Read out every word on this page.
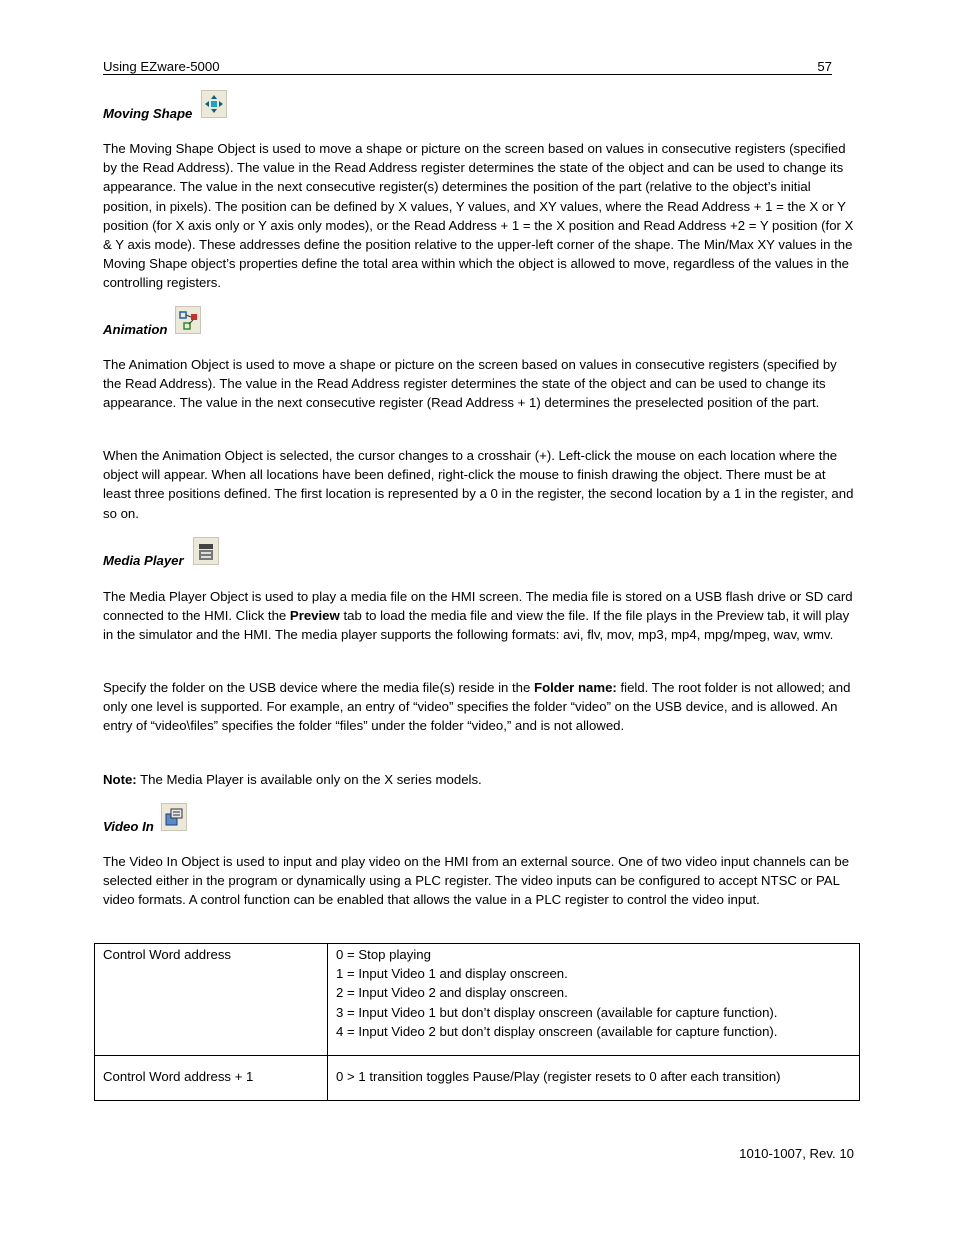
Using EZware-5000	57
Moving Shape

The Moving Shape Object is used to move a shape or picture on the screen based on values in consecutive registers (specified by the Read Address). The value in the Read Address register determines the state of the object and can be used to change its appearance. The value in the next consecutive register(s) determines the position of the part (relative to the object’s initial position, in pixels). The position can be defined by X values, Y values, and XY values, where the Read Address + 1 = the X or Y position (for X axis only or Y axis only modes), or the Read Address + 1 = the X position and Read Address +2 = Y position (for X & Y axis mode). These addresses define the position relative to the upper-left corner of the shape. The Min/Max XY values in the Moving Shape object’s properties define the total area within which the object is allowed to move, regardless of the values in the controlling registers.

Animation

The Animation Object is used to move a shape or picture on the screen based on values in consecutive registers (specified by the Read Address). The value in the Read Address register determines the state of the object and can be used to change its appearance. The value in the next consecutive register (Read Address + 1) determines the preselected position of the part.

When the Animation Object is selected, the cursor changes to a crosshair (+). Left-click the mouse on each location where the object will appear. When all locations have been defined, right-click the mouse to finish drawing the object. There must be at least three positions defined. The first location is represented by a 0 in the register, the second location by a 1 in the register, and so on.

Media Player

The Media Player Object is used to play a media file on the HMI screen. The media file is stored on a USB flash drive or SD card connected to the HMI. Click the Preview tab to load the media file and view the file. If the file plays in the Preview tab, it will play in the simulator and the HMI. The media player supports the following formats: avi, flv, mov, mp3, mp4, mpg/mpeg, wav, wmv.

Specify the folder on the USB device where the media file(s) reside in the Folder name: field. The root folder is not allowed; and only one level is supported. For example, an entry of “video” specifies the folder “video” on the USB device, and is allowed. An entry of “video\files” specifies the folder “files” under the folder “video,” and is not allowed.

Note: The Media Player is available only on the X series models.

Video In

The Video In Object is used to input and play video on the HMI from an external source. One of two video input channels can be selected either in the program or dynamically using a PLC register. The video inputs can be configured to accept NTSC or PAL video formats. A control function can be enabled that allows the value in a PLC register to control the video input.

Control Word address	0 = Stop playing
1 = Input Video 1 and display onscreen.
2 = Input Video 2 and display onscreen.
3 = Input Video 1 but don’t display onscreen (available for capture function).
4 = Input Video 2 but don’t display onscreen (available for capture function).

Control Word address + 1	0 > 1 transition toggles Pause/Play (register resets to 0 after each transition)
1010-1007, Rev. 10
